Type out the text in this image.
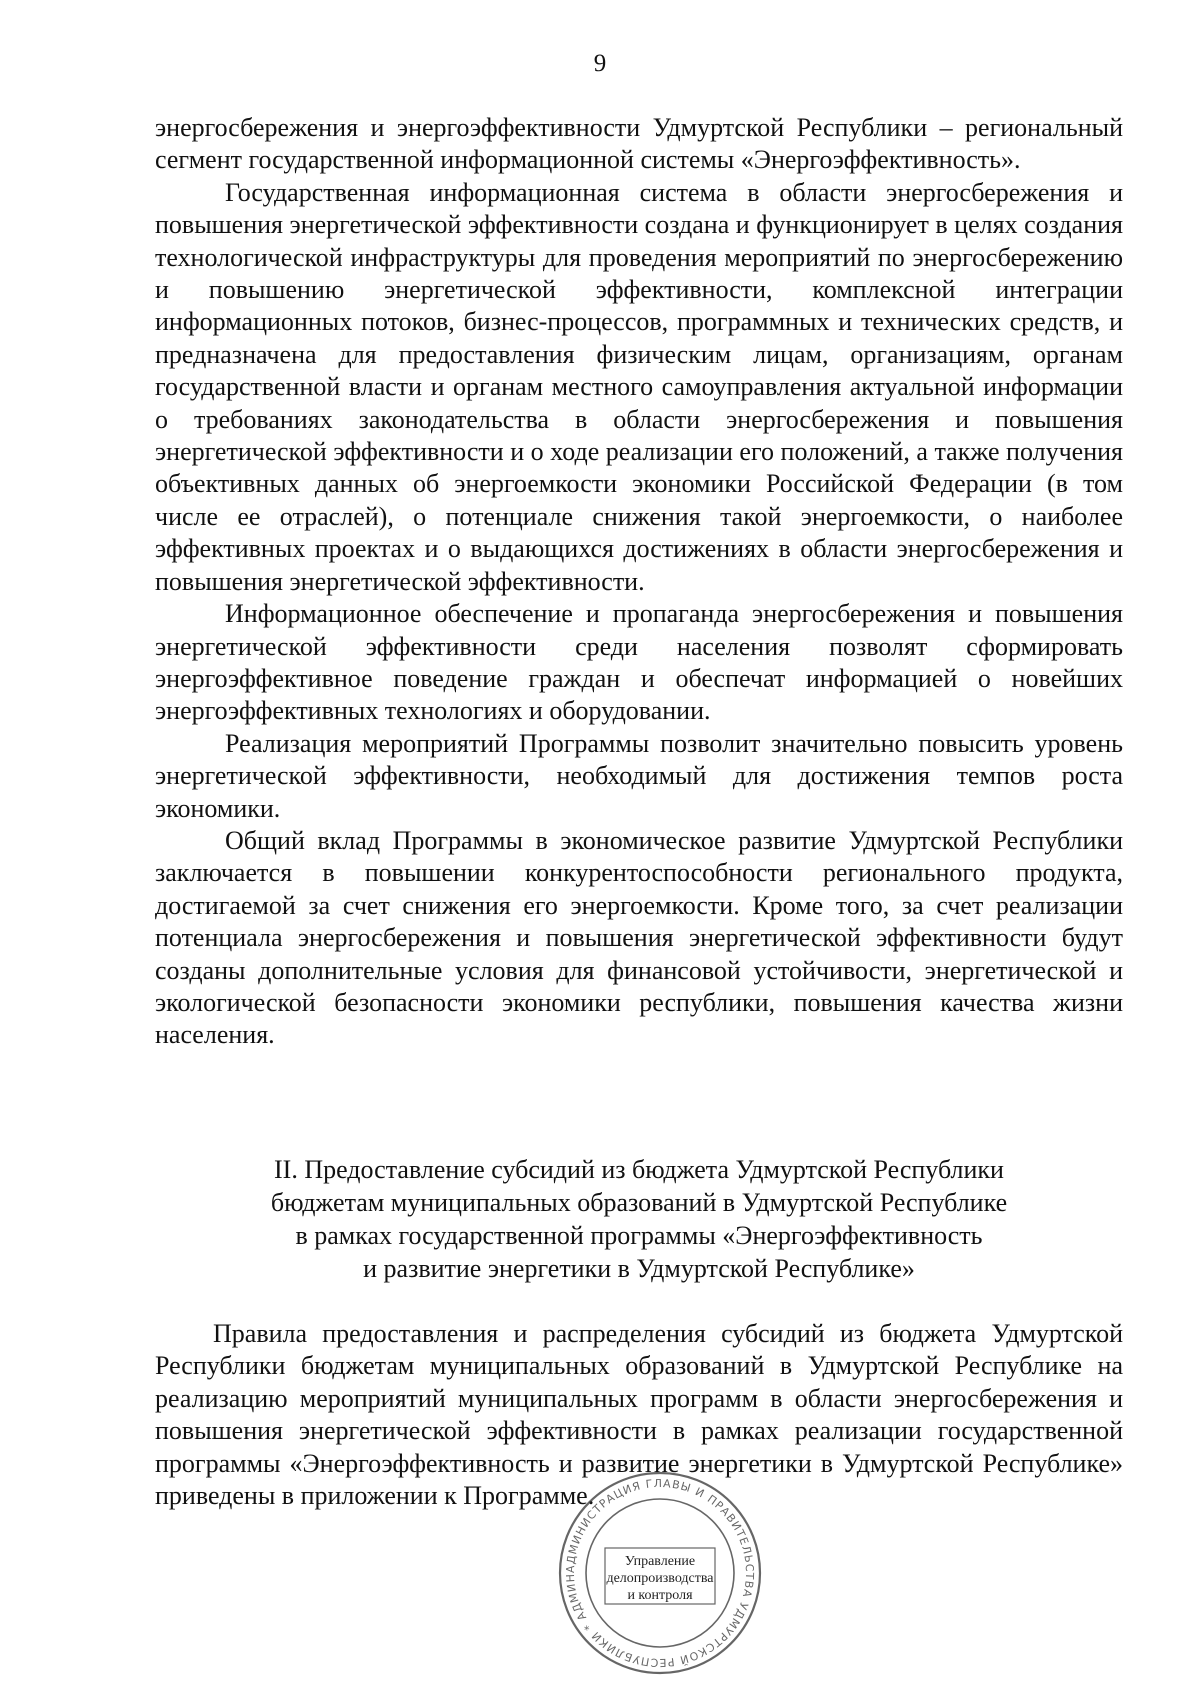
9

энергосбережения и энергоэффективности Удмуртской Республики – региональный сегмент государственной информационной системы «Энергоэффективность».

Государственная информационная система в области энергосбережения и повышения энергетической эффективности создана и функционирует в целях создания технологической инфраструктуры для проведения мероприятий по энергосбережению и повышению энергетической эффективности, комплексной интеграции информационных потоков, бизнес-процессов, программных и технических средств, и предназначена для предоставления физическим лицам, организациям, органам государственной власти и органам местного самоуправления актуальной информации о требованиях законодательства в области энергосбережения и повышения энергетической эффективности и о ходе реализации его положений, а также получения объективных данных об энергоемкости экономики Российской Федерации (в том числе ее отраслей), о потенциале снижения такой энергоемкости, о наиболее эффективных проектах и о выдающихся достижениях в области энергосбережения и повышения энергетической эффективности.

Информационное обеспечение и пропаганда энергосбережения и повышения энергетической эффективности среди населения позволят сформировать энергоэффективное поведение граждан и обеспечат информацией о новейших энергоэффективных технологиях и оборудовании.

Реализация мероприятий Программы позволит значительно повысить уровень энергетической эффективности, необходимый для достижения темпов роста экономики.

Общий вклад Программы в экономическое развитие Удмуртской Республики заключается в повышении конкурентоспособности регионального продукта, достигаемой за счет снижения его энергоемкости. Кроме того, за счет реализации потенциала энергосбережения и повышения энергетической эффективности будут созданы дополнительные условия для финансовой устойчивости, энергетической и экологической безопасности экономики республики, повышения качества жизни населения.

II. Предоставление субсидий из бюджета Удмуртской Республики
бюджетам муниципальных образований в Удмуртской Республике
в рамках государственной программы «Энергоэффективность
и развитие энергетики в Удмуртской Республике»

Правила предоставления и распределения субсидий из бюджета Удмуртской Республики бюджетам муниципальных образований в Удмуртской Республике на реализацию мероприятий муниципальных программ в области энергосбережения и повышения энергетической эффективности в рамках реализации государственной программы «Энергоэффективность и развитие энергетики в Удмуртской Республике» приведены в приложении к Программе.

АДМИНИСТРАЦИЯ ГЛАВЫ И ПРАВИТЕЛЬСТВА УДМУРТСКОЙ РЕСПУБЛИКИ * АДМИН
Управление
делопроизводства
и контроля
